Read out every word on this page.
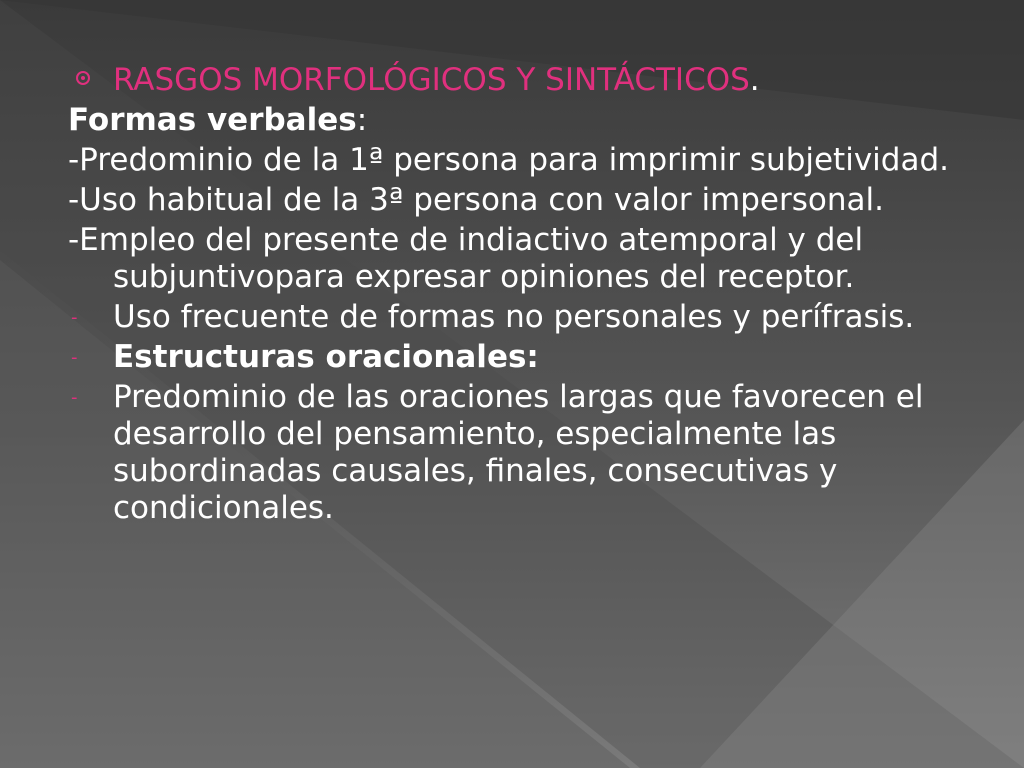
RASGOS MORFOLÓGICOS Y SINTÁCTICOS.
Formas verbales:
-Predominio de la 1ª persona para imprimir subjetividad.
-Uso habitual de la 3ª persona con valor impersonal.
-Empleo del presente de indiactivo atemporal y del subjuntivopara expresar opiniones del receptor.
- Uso frecuente de formas no personales y perífrasis.
- Estructuras oracionales:
- Predominio de las oraciones largas que favorecen el desarrollo del pensamiento, especialmente las subordinadas causales, finales, consecutivas y condicionales.
